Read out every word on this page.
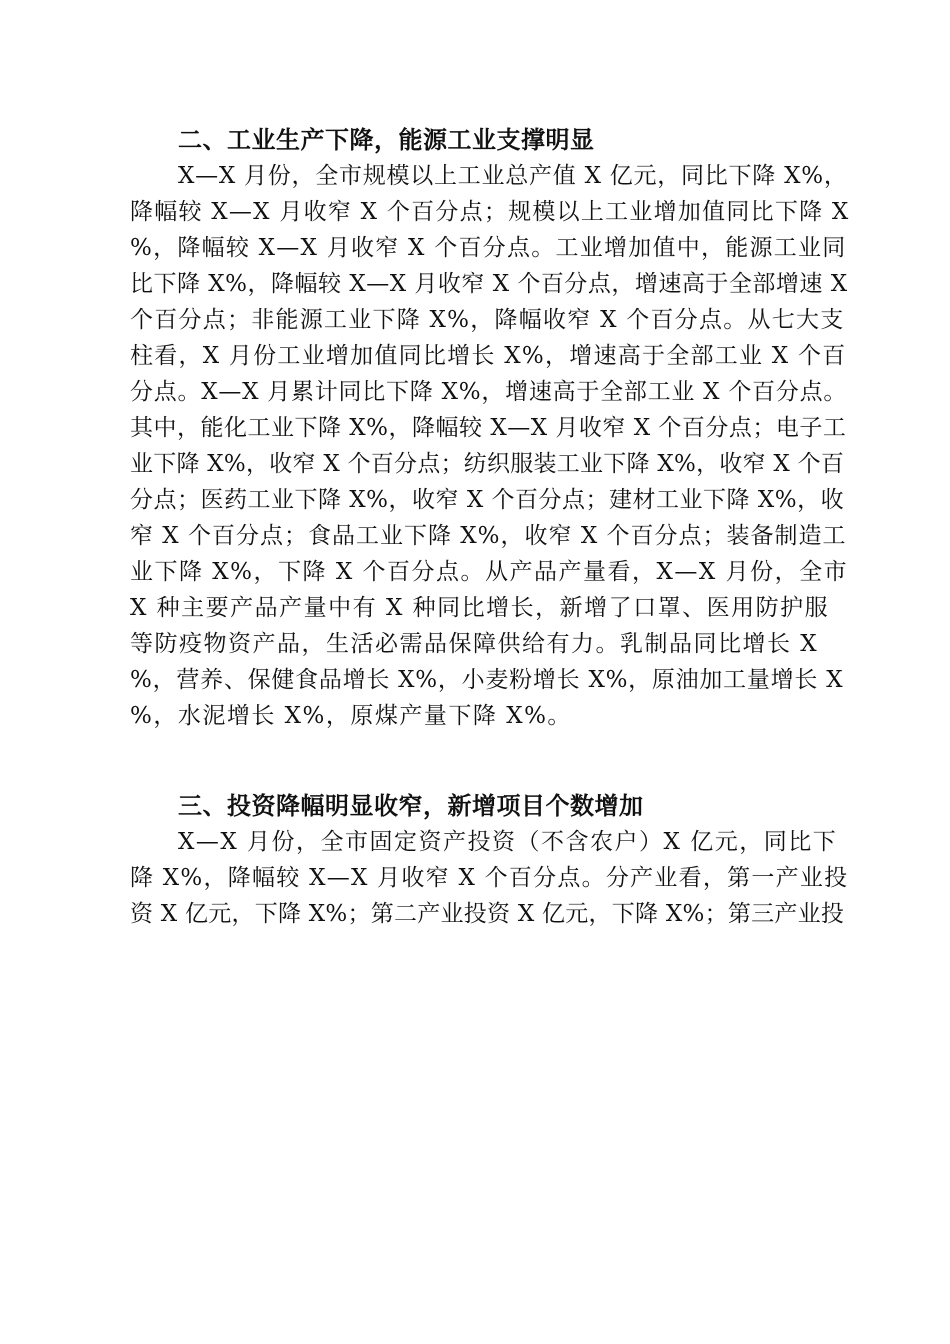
二、工业生产下降，能源工业支撑明显
X—X 月份，全市规模以上工业总产值 X 亿元，同比下降 X%，
降幅较 X—X 月收窄 X 个百分点；规模以上工业增加值同比下降 X
%，降幅较 X—X 月收窄 X 个百分点。工业增加值中，能源工业同
比下降 X%，降幅较 X—X 月收窄 X 个百分点，增速高于全部增速 X
个百分点；非能源工业下降 X%，降幅收窄 X 个百分点。从七大支
柱看，X 月份工业增加值同比增长 X%，增速高于全部工业 X 个百
分点。X—X 月累计同比下降 X%，增速高于全部工业 X 个百分点。
其中，能化工业下降 X%，降幅较 X—X 月收窄 X 个百分点；电子工
业下降 X%，收窄 X 个百分点；纺织服装工业下降 X%，收窄 X 个百
分点；医药工业下降 X%，收窄 X 个百分点；建材工业下降 X%，收
窄 X 个百分点；食品工业下降 X%，收窄 X 个百分点；装备制造工
业下降 X%，下降 X 个百分点。从产品产量看，X—X 月份，全市
X 种主要产品产量中有 X 种同比增长，新增了口罩、医用防护服
等防疫物资产品，生活必需品保障供给有力。乳制品同比增长 X
%，营养、保健食品增长 X%，小麦粉增长 X%，原油加工量增长 X
%，水泥增长 X%，原煤产量下降 X%。
三、投资降幅明显收窄，新增项目个数增加
X—X 月份，全市固定资产投资（不含农户）X 亿元，同比下
降 X%，降幅较 X—X 月收窄 X 个百分点。分产业看，第一产业投
资 X 亿元，下降 X%；第二产业投资 X 亿元，下降 X%；第三产业投
